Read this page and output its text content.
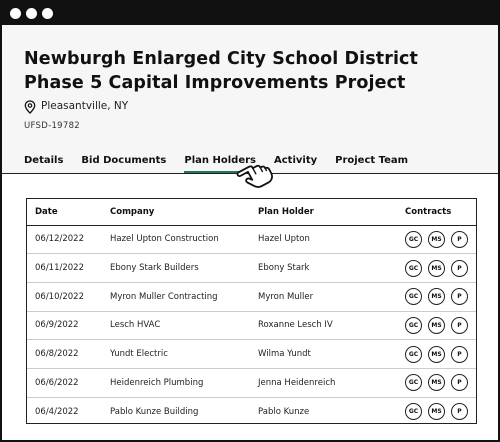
Newburgh Enlarged City School District Phase 5 Capital Improvements Project
Pleasantville, NY
UFSD-19782
Details Bid Documents Plan Holders Activity Project Team
Date	Company	Plan Holder	Contracts
06/12/2022	Hazel Upton Construction	Hazel Upton	GC MS P

06/11/2022	Ebony Stark Builders	Ebony Stark	GC MS P

06/10/2022	Myron Muller Contracting	Myron Muller	GC MS P

06/9/2022	Lesch HVAC	Roxanne Lesch IV	GC MS P

06/8/2022	Yundt Electric	Wilma Yundt	GC MS P

06/6/2022	Heidenreich Plumbing	Jenna Heidenreich	GC MS P

06/4/2022	Pablo Kunze Building	Pablo Kunze	GC MS P
